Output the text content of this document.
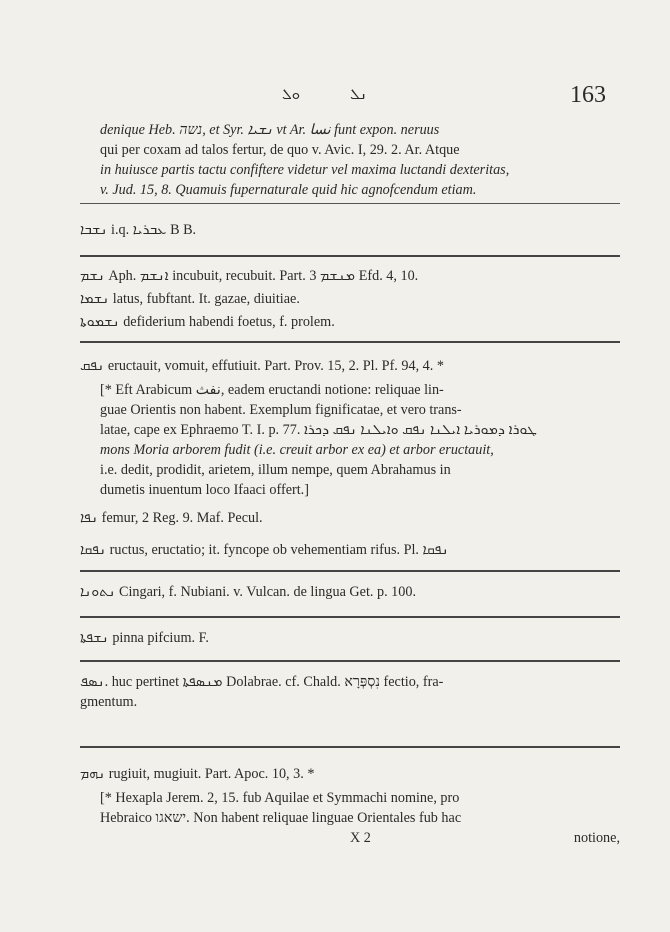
ܘܠ	ܢܠ	163
denique Heb. נשה, et Syr. ܢܫܝܐ vt Ar. نسا funt expon. neruus
qui per coxam ad talos fertur, de quo v. Avic. I, 29. 2. Ar. Atque
in huiusce partis tactu confiftere videtur vel maxima luctandi dexteritas,
v. Jud. 15, 8. Quamuis fupernaturale quid hic agnofcendum etiam.
ܢܫܒܐ i.q. ܥܒܪܝܐ B B.
ܢܫܡ Aph. ܐܢܫܡ incubuit, recubuit. Part. ܡܢܫܡ 3 Efd. 4, 10.
ܢܫܡܐ latus, fubftant. It. gazae, diuitiae.
ܢܫܡܘܬܐ defiderium habendi foetus, f. prolem.
ܢܦܩ eructauit, vomuit, effutiuit. Part. Prov. 15, 2. Pl. Pf. 94, 4. *
[* Eft Arabicum نفث, eadem eructandi notione: reliquae lin-
guae Orientis non habent. Exemplum fignificatae, et vero trans-
latae, cape ex Ephraemo T. I. p. 77. ܛܘܪܐ ܕܡܘܪܝܐ ܐܝܠܢܐ ܢܦܩ ܘܐܝܠܢܐ ܢܦܩ ܕܟܪܐ
mons Moria arborem fudit (i.e. creuit arbor ex ea) et arbor eructauit,
i.e. dedit, prodidit, arietem, illum nempe, quem Abrahamus in
dumetis inuentum loco Ifaaci offert.]
ܢܦܐ femur, 2 Reg. 9. Maf. Pecul.
ܢܦܩܐ ructus, eructatio; it. fyncope ob vehementiam rifus. Pl. ܢܦܩܐ
ܢܬܘܢܐ Cingari, f. Nubiani. v. Vulcan. de lingua Get. p. 100.
ܢܫܦܬܐ pinna pifcium. F.
ܢܣܦ. huc pertinet ܡܢܣܦܬܐ Dolabrae. cf. Chald. נִסְפְּרָא fectio, fra-
gmentum.
ܢܗܡ rugiuit, mugiuit. Part. Apoc. 10, 3. *
[* Hexapla Jerem. 2, 15. fub Aquilae et Symmachi nomine, pro
Hebraico ישאגו. Non habent reliquae linguae Orientales fub hac
X 2	notione,
